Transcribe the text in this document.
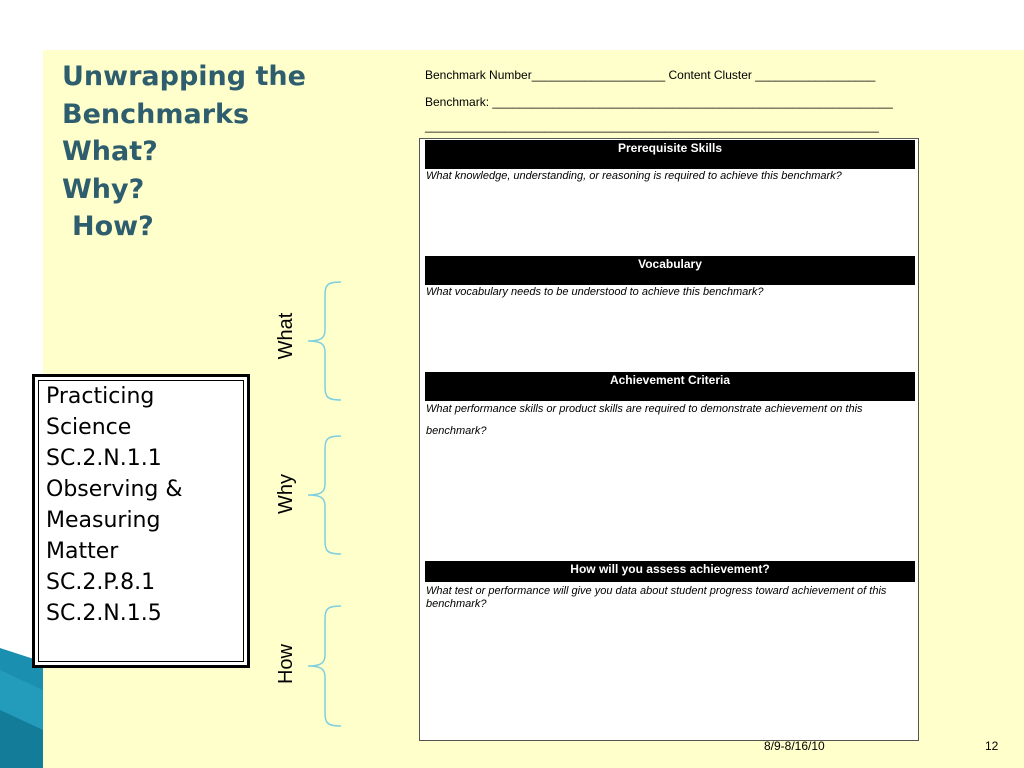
Unwrapping the
Benchmarks
What?
Why?
How?
Practicing
Science
SC.2.N.1.1
Observing &
Measuring
Matter
SC.2.P.8.1
SC.2.N.1.5
What
Why
How
Benchmark Number____________________ Content Cluster __________________
Benchmark: ____________________________________________________________
____________________________________________________________________
Prerequisite Skills
What knowledge, understanding, or reasoning is required to achieve this benchmark?
Vocabulary
What vocabulary needs to be understood to achieve this benchmark?
Achievement Criteria
What performance skills or product skills are required to demonstrate achievement on this benchmark?
How will you assess achievement?
What test or performance will give you data about student progress toward achievement of this benchmark?
8/9-8/16/10	12
